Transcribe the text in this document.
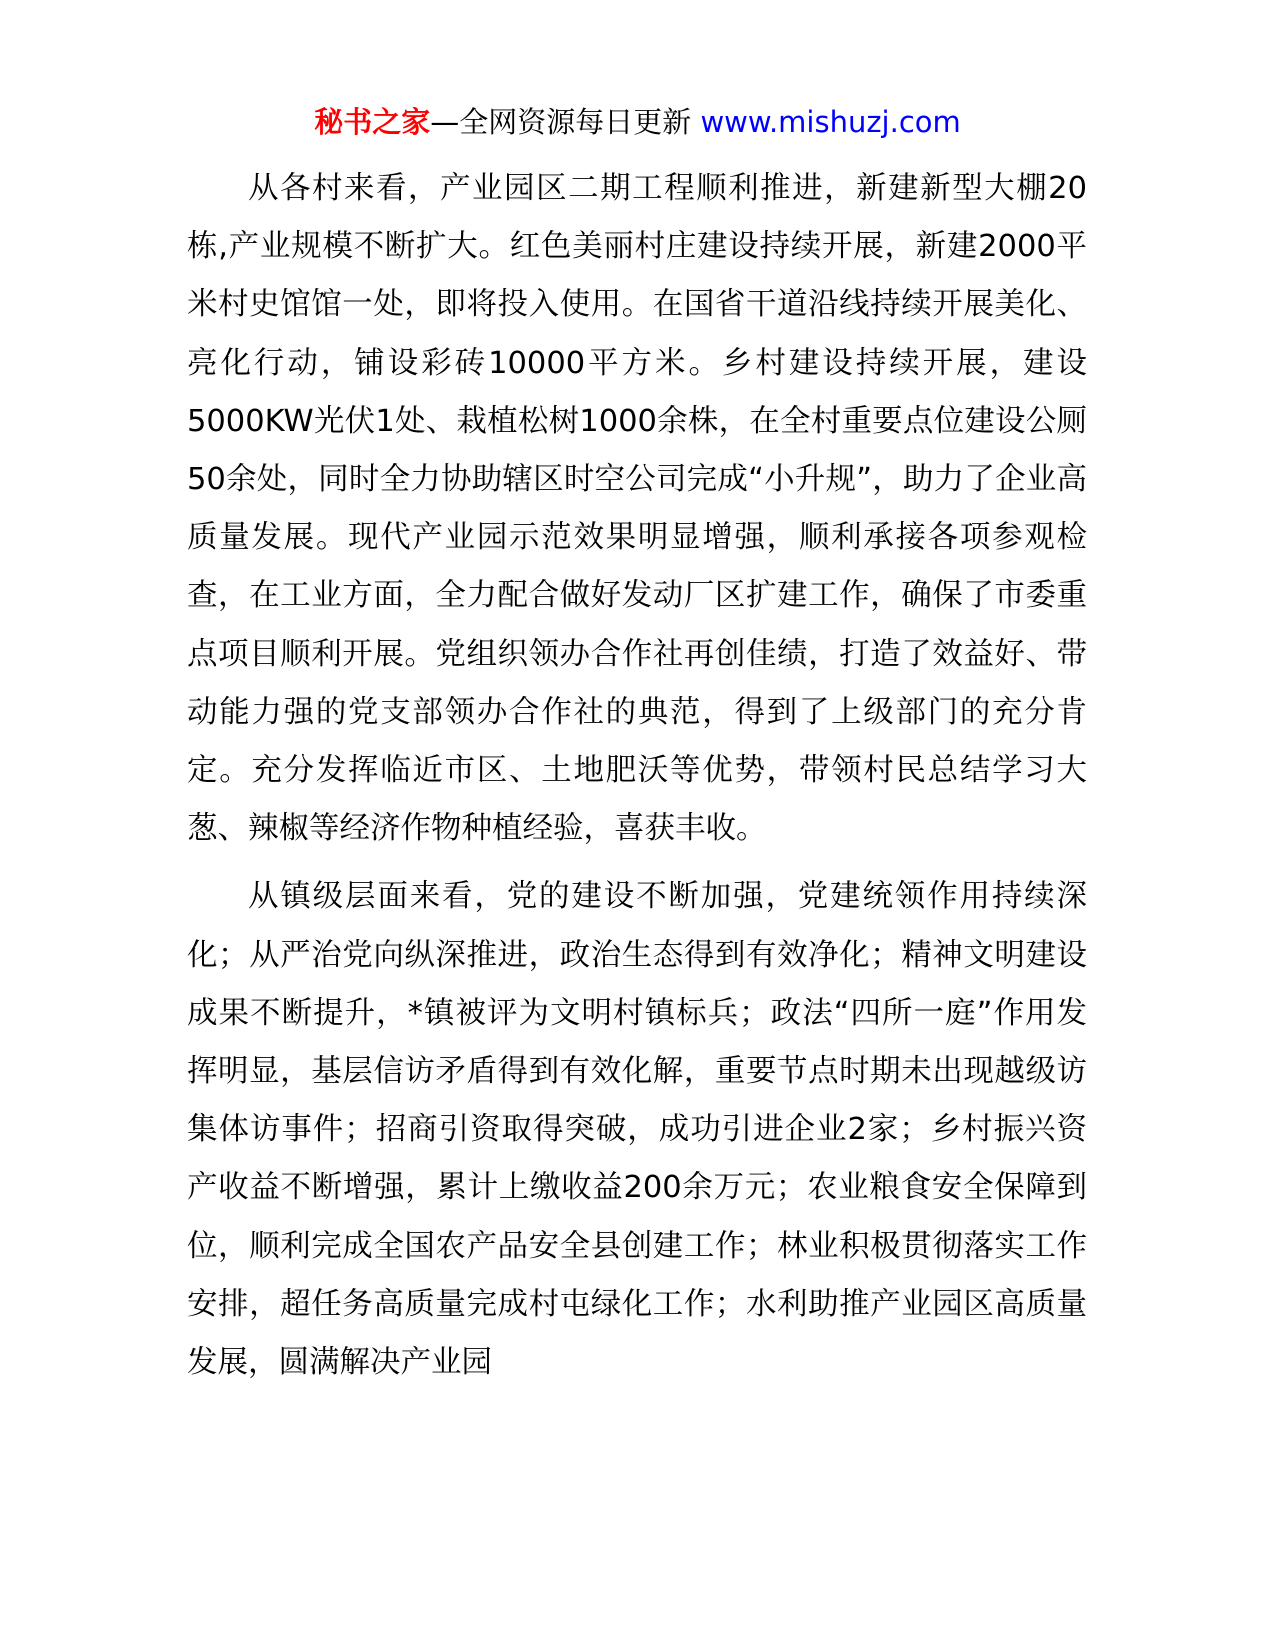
秘书之家—全网资源每日更新 www.mishuzj.com

从各村来看，产业园区二期工程顺利推进，新建新型大棚20栋,产业规模不断扩大。红色美丽村庄建设持续开展，新建2000平米村史馆馆一处，即将投入使用。在国省干道沿线持续开展美化、亮化行动，铺设彩砖10000平方米。乡村建设持续开展，建设5000KW光伏1处、栽植松树1000余株，在全村重要点位建设公厕50余处，同时全力协助辖区时空公司完成“小升规”，助力了企业高质量发展。现代产业园示范效果明显增强，顺利承接各项参观检查，在工业方面，全力配合做好发动厂区扩建工作，确保了市委重点项目顺利开展。党组织领办合作社再创佳绩，打造了效益好、带动能力强的党支部领办合作社的典范，得到了上级部门的充分肯定。充分发挥临近市区、土地肥沃等优势，带领村民总结学习大葱、辣椒等经济作物种植经验，喜获丰收。

从镇级层面来看，党的建设不断加强，党建统领作用持续深化；从严治党向纵深推进，政治生态得到有效净化；精神文明建设成果不断提升，*镇被评为文明村镇标兵；政法“四所一庭”作用发挥明显，基层信访矛盾得到有效化解，重要节点时期未出现越级访集体访事件；招商引资取得突破，成功引进企业2家；乡村振兴资产收益不断增强，累计上缴收益200余万元；农业粮食安全保障到位，顺利完成全国农产品安全县创建工作；林业积极贯彻落实工作安排，超任务高质量完成村屯绿化工作；水利助推产业园区高质量发展，圆满解决产业园
